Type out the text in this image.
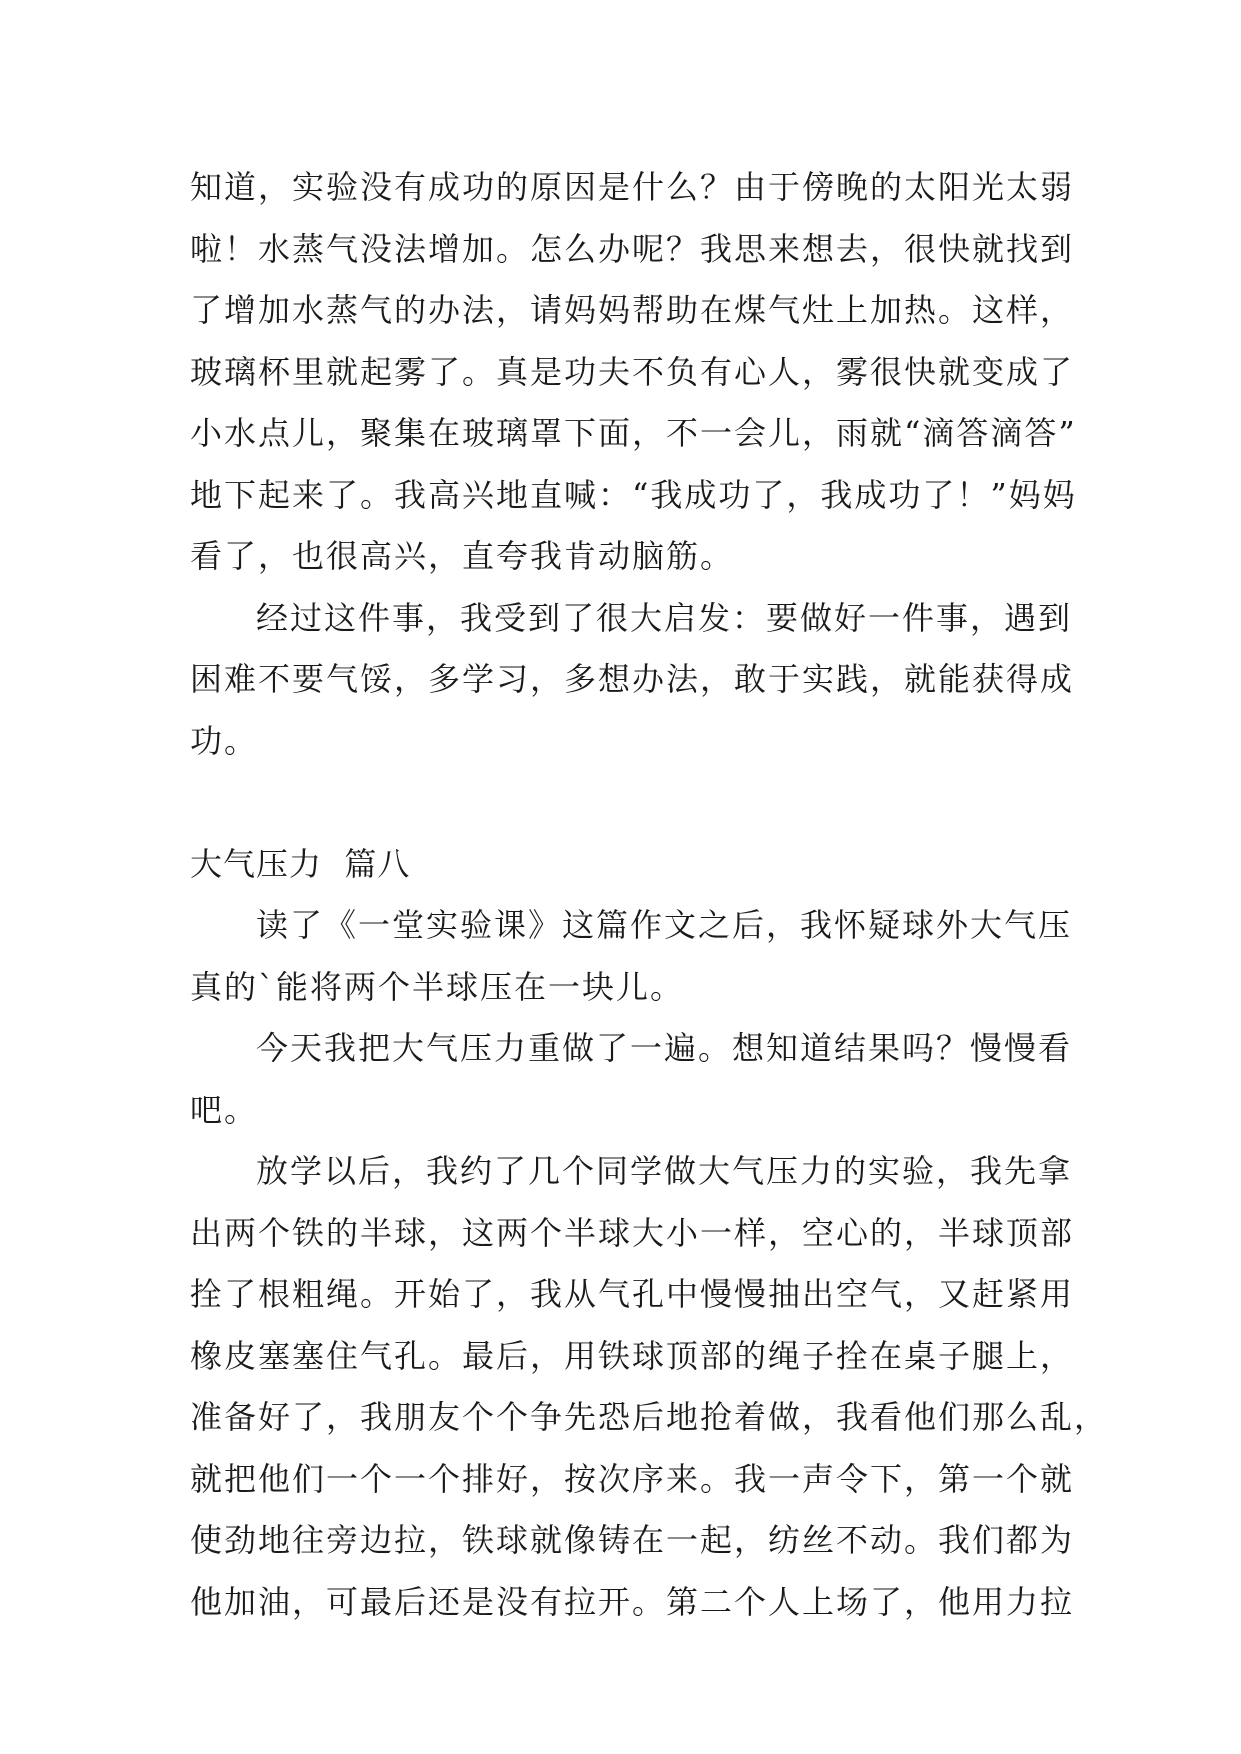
知道，实验没有成功的原因是什么？由于傍晚的太阳光太弱
啦！水蒸气没法增加。怎么办呢？我思来想去，很快就找到
了增加水蒸气的办法，请妈妈帮助在煤气灶上加热。这样，
玻璃杯里就起雾了。真是功夫不负有心人，雾很快就变成了
小水点儿，聚集在玻璃罩下面，不一会儿，雨就“滴答滴答”
地下起来了。我高兴地直喊：“我成功了，我成功了！”妈妈
看了，也很高兴，直夸我肯动脑筋。
经过这件事，我受到了很大启发：要做好一件事，遇到
困难不要气馁，多学习，多想办法，敢于实践，就能获得成
功。
大气压力  篇八
读了《一堂实验课》这篇作文之后，我怀疑球外大气压
真的`能将两个半球压在一块儿。
今天我把大气压力重做了一遍。想知道结果吗？慢慢看
吧。
放学以后，我约了几个同学做大气压力的实验，我先拿
出两个铁的半球，这两个半球大小一样，空心的，半球顶部
拴了根粗绳。开始了，我从气孔中慢慢抽出空气，又赶紧用
橡皮塞塞住气孔。最后，用铁球顶部的绳子拴在桌子腿上，
准备好了，我朋友个个争先恐后地抢着做，我看他们那么乱，
就把他们一个一个排好，按次序来。我一声令下，第一个就
使劲地往旁边拉，铁球就像铸在一起，纺丝不动。我们都为
他加油，可最后还是没有拉开。第二个人上场了，他用力拉
